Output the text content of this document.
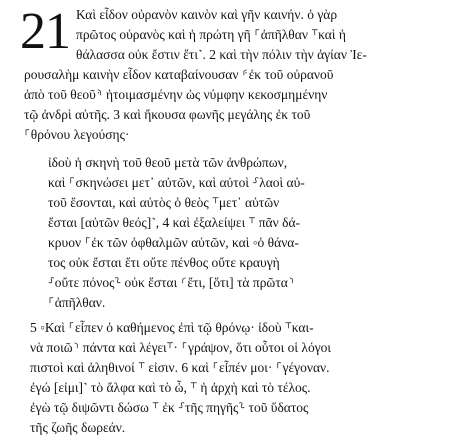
21 Καὶ εἶδον οὐρανὸν καινὸν καὶ γῆν καινήν. ὁ γὰρ
πρῶτος οὐρανὸς καὶ ἡ πρώτη γῆ ⸀ἀπῆλθαν ⸆καὶ ἡ
θάλασσα οὐκ ἔστιν ἔτι˺. 2 καὶ τὴν πόλιν τὴν ἁγίαν Ἰε-
ρουσαλὴμ καινὴν εἶδον καταβαίνουσαν ⸄ἐκ τοῦ οὐρανοῦ
ἀπὸ τοῦ θεοῦ⸅ ἡτοιμασμένην ὡς νύμφην κεκοσμημένην
τῷ ἀνδρὶ αὐτῆς. 3 καὶ ἤκουσα φωνῆς μεγάλης ἐκ τοῦ
⸀θρόνου λεγούσης·
ἰδοὺ ἡ σκηνὴ τοῦ θεοῦ μετὰ τῶν ἀνθρώπων,
καὶ ⸀σκηνώσει μετ᾽ αὐτῶν, καὶ αὐτοὶ ⸉λαοὶ αὐ-
τοῦ ἔσονται, καὶ αὐτὸς ὁ θεὸς ⸆μετ᾽ αὐτῶν
ἔσται [αὐτῶν θεός]˺, 4 καὶ ἐξαλείψει ⸆ πᾶν δά-
κρυον ⸀ἐκ τῶν ὀφθαλμῶν αὐτῶν, καὶ ◦ὁ θάνα-
τος οὐκ ἔσται ἔτι οὔτε πένθος οὔτε κραυγὴ
⸉οὔτε πόνος⸊ οὐκ ἔσται ⸂ἔτι, [ὅτι] τὰ πρῶτα⸃
⸀ἀπῆλθαν.
5 ◦Καὶ ⸀εἶπεν ὁ καθήμενος ἐπὶ τῷ θρόνῳ· ἰδοὺ ⸆και-
νὰ ποιῶ⸃ πάντα καὶ λέγει⸆· ⸀γράψον, ὅτι οὗτοι οἱ λόγοι
πιστοὶ καὶ ἀληθινοί ⸆ εἰσιν. 6 καὶ ⸀εἶπέν μοι· ⸀γέγοναν.
ἐγώ [εἰμι]˺ τὸ ἄλφα καὶ τὸ ὦ, ⸆ ἡ ἀρχὴ καὶ τὸ τέλος.
ἐγὼ τῷ διψῶντι δώσω ⸆ ἐκ ⸉τῆς πηγῆς⸊ τοῦ ὕδατος
τῆς ζωῆς δωρεάν.
